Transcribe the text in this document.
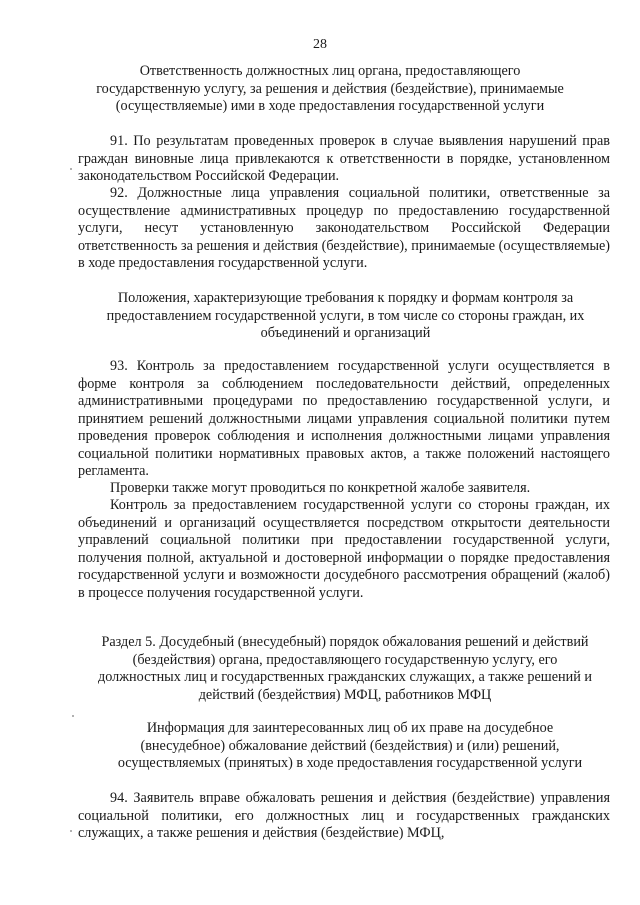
28
Ответственность должностных лиц органа, предоставляющего государственную услугу, за решения и действия (бездействие), принимаемые (осуществляемые) ими в ходе предоставления государственной услуги
91. По результатам проведенных проверок в случае выявления нарушений прав граждан виновные лица привлекаются к ответственности в порядке, установленном законодательством Российской Федерации.
92. Должностные лица управления социальной политики, ответственные за осуществление административных процедур по предоставлению государственной услуги, несут установленную законодательством Российской Федерации ответственность за решения и действия (бездействие), принимаемые (осуществляемые) в ходе предоставления государственной услуги.
Положения, характеризующие требования к порядку и формам контроля за предоставлением государственной услуги, в том числе со стороны граждан, их объединений и организаций
93. Контроль за предоставлением государственной услуги осуществляется в форме контроля за соблюдением последовательности действий, определенных административными процедурами по предоставлению государственной услуги, и принятием решений должностными лицами управления социальной политики путем проведения проверок соблюдения и исполнения должностными лицами управления социальной политики нормативных правовых актов, а также положений настоящего регламента.
Проверки также могут проводиться по конкретной жалобе заявителя.
Контроль за предоставлением государственной услуги со стороны граждан, их объединений и организаций осуществляется посредством открытости деятельности управлений социальной политики при предоставлении государственной услуги, получения полной, актуальной и достоверной информации о порядке предоставления государственной услуги и возможности досудебного рассмотрения обращений (жалоб) в процессе получения государственной услуги.
Раздел 5. Досудебный (внесудебный) порядок обжалования решений и действий (бездействия) органа, предоставляющего государственную услугу, его должностных лиц и государственных гражданских служащих, а также решений и действий (бездействия) МФЦ, работников МФЦ
Информация для заинтересованных лиц об их праве на досудебное (внесудебное) обжалование действий (бездействия) и (или) решений, осуществляемых (принятых) в ходе предоставления государственной услуги
94. Заявитель вправе обжаловать решения и действия (бездействие) управления социальной политики, его должностных лиц и государственных гражданских служащих, а также решения и действия (бездействие) МФЦ,
